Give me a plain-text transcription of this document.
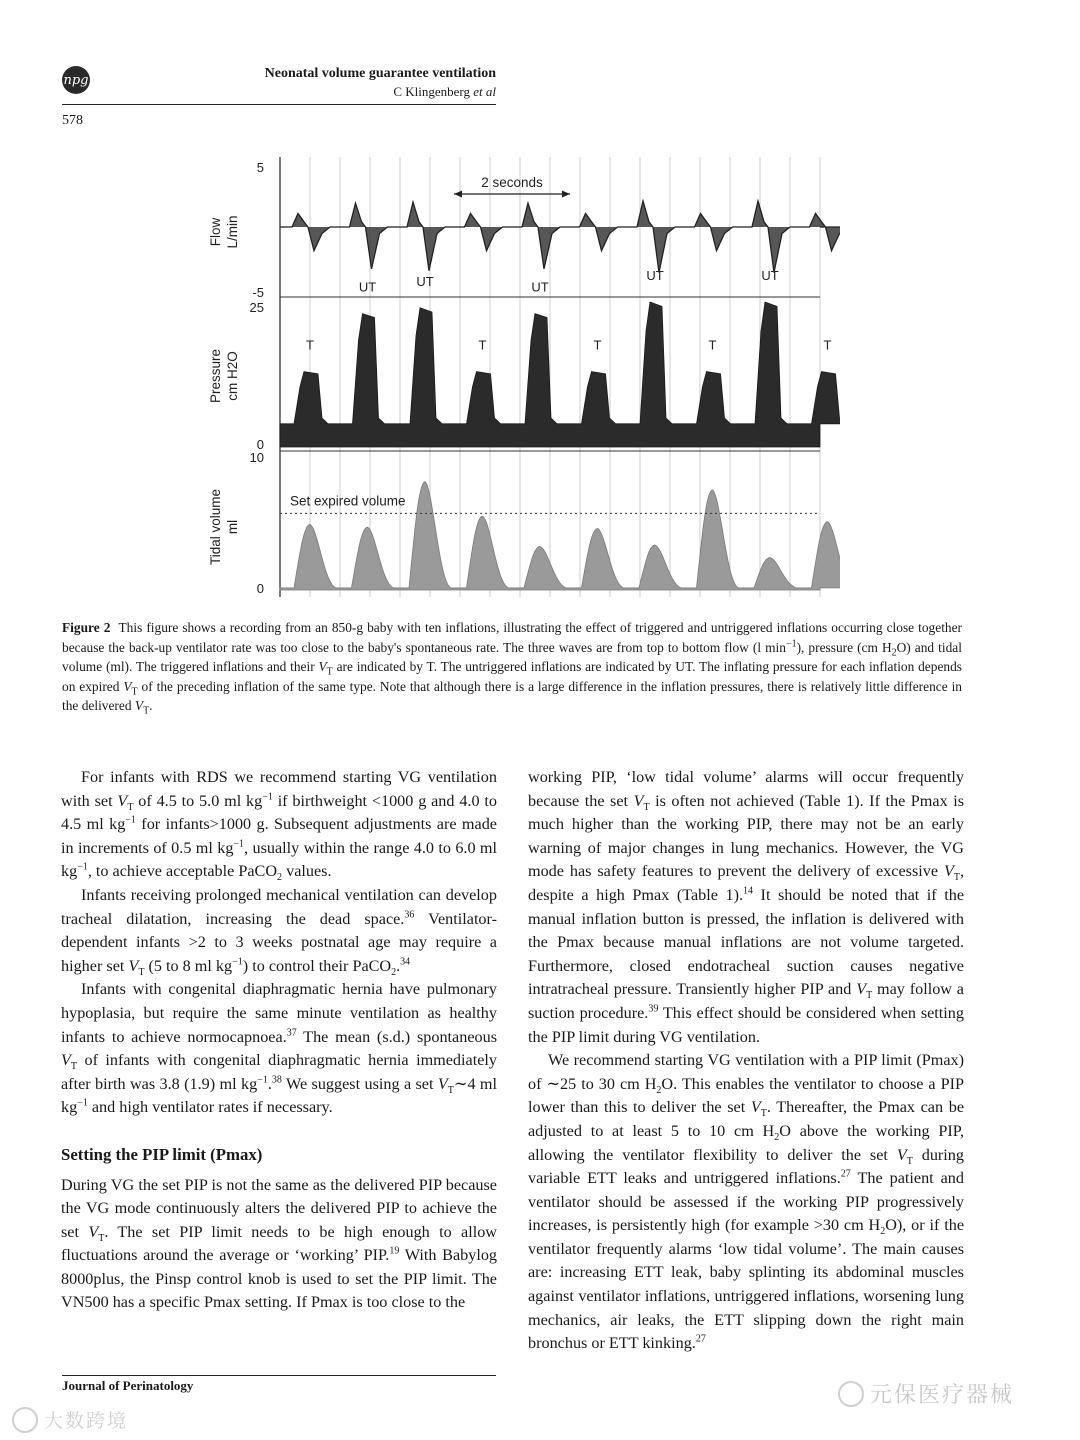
npg	Neonatal volume guarantee ventilation
C Klingenberg et al
578
T
UT	UT
T
UT
T
UT
T
UT
T
2 seconds
Set expired volume
5
-5
25
0
10
0
Flow L/min
Pressure cm H2O
Tidal volume ml
Figure 2 This figure shows a recording from an 850-g baby with ten inflations, illustrating the effect of triggered and untriggered inflations occurring close together because the back-up ventilator rate was too close to the baby's spontaneous rate. The three waves are from top to bottom flow (l $\min^{-1}$), pressure (cm $H_2O$) and tidal volume (ml). The triggered inflations and their $V_T$ are indicated by T. The untriggered inflations are indicated by UT. The inflating pressure for each inflation depends on expired $V_T$ of the preceding inflation of the same type. Note that although there is a large difference in the inflation pressures, there is relatively little difference in the delivered $V_T$.

For infants with RDS we recommend starting VG ventilation with set $V_T$ of 4.5 to 5.0 ml $kg^{-1}$ if birthweight <1000 g and 4.0 to 4.5 ml $kg^{-1}$ for infants>1000 g. Subsequent adjustments are made in increments of 0.5 ml $kg^{-1}$, usually within the range 4.0 to 6.0 ml $kg^{-1}$, to achieve acceptable PaCO$_2$ values.

Infants receiving prolonged mechanical ventilation can develop tracheal dilatation, increasing the dead space.$^{36}$ Ventilator-dependent infants >2 to 3 weeks postnatal age may require a higher set $V_T$ (5 to 8 ml $kg^{-1}$) to control their PaCO$_2$.$^{34}$

Infants with congenital diaphragmatic hernia have pulmonary hypoplasia, but require the same minute ventilation as healthy infants to achieve normocapnoea.$^{37}$ The mean (s.d.) spontaneous $V_T$ of infants with congenital diaphragmatic hernia immediately after birth was 3.8 (1.9) ml $kg^{-1}.^{38}$ We suggest using a set $V_T\sim 4$ ml $kg^{-1}$ and high ventilator rates if necessary.

Setting the PIP limit (Pmax)

During VG the set PIP is not the same as the delivered PIP because the VG mode continuously alters the delivered PIP to achieve the set $V_T$. The set PIP limit needs to be high enough to allow fluctuations around the average or ‘working’ PIP.$^{19}$ With Babylog 8000plus, the Pinsp control knob is used to set the PIP limit. The VN500 has a specific Pmax setting. If Pmax is too close to the

working PIP, ‘low tidal volume’ alarms will occur frequently because the set $V_T$ is often not achieved (Table 1). If the Pmax is much higher than the working PIP, there may not be an early warning of major changes in lung mechanics. However, the VG mode has safety features to prevent the delivery of excessive $V_T$, despite a high Pmax (Table 1).$^{14}$ It should be noted that if the manual inflation button is pressed, the inflation is delivered with the Pmax because manual inflations are not volume targeted. Furthermore, closed endotracheal suction causes negative intratracheal pressure. Transiently higher PIP and $V_T$ may follow a suction procedure.$^{39}$ This effect should be considered when setting the PIP limit during VG ventilation.

We recommend starting VG ventilation with a PIP limit (Pmax) of ∼25 to 30 cm $H_2O$. This enables the ventilator to choose a PIP lower than this to deliver the set $V_T$. Thereafter, the Pmax can be adjusted to at least 5 to 10 cm $H_2O$ above the working PIP, allowing the ventilator flexibility to deliver the set $V_T$ during variable ETT leaks and untriggered inflations.$^{27}$ The patient and ventilator should be assessed if the working PIP progressively increases, is persistently high (for example >30 cm $H_2O$), or if the ventilator frequently alarms ‘low tidal volume’. The main causes are: increasing ETT leak, baby splinting its abdominal muscles against ventilator inflations, untriggered inflations, worsening lung mechanics, air leaks, the ETT slipping down the right main bronchus or ETT kinking.$^{27}$

Journal of Perinatology
大数跨境
元保医疗器械
